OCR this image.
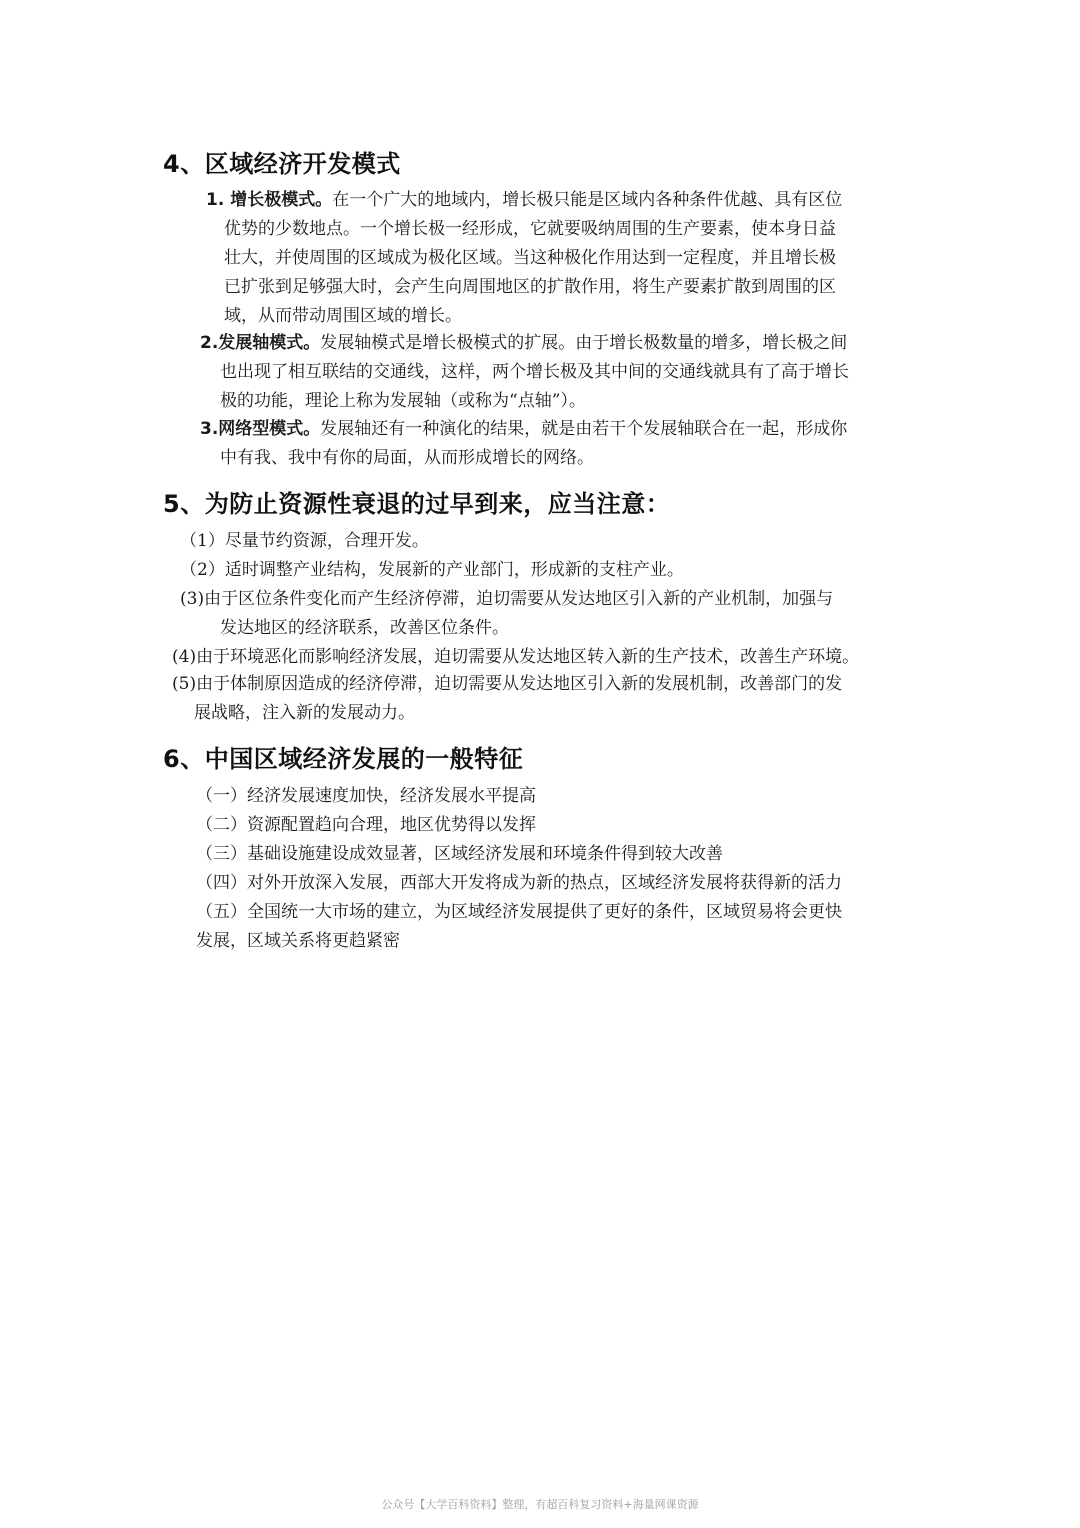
4、区域经济开发模式
1. 增长极模式。在一个广大的地域内，增长极只能是区域内各种条件优越、具有区位
优势的少数地点。一个增长极一经形成，它就要吸纳周围的生产要素，使本身日益
壮大，并使周围的区域成为极化区域。当这种极化作用达到一定程度，并且增长极
已扩张到足够强大时，会产生向周围地区的扩散作用，将生产要素扩散到周围的区
域，从而带动周围区域的增长。
2.发展轴模式。发展轴模式是增长极模式的扩展。由于增长极数量的增多，增长极之间
也出现了相互联结的交通线，这样，两个增长极及其中间的交通线就具有了高于增长
极的功能，理论上称为发展轴（或称为“点轴”）。
3.网络型模式。发展轴还有一种演化的结果，就是由若干个发展轴联合在一起，形成你
中有我、我中有你的局面，从而形成增长的网络。
5、为防止资源性衰退的过早到来，应当注意：
（1）尽量节约资源，合理开发。
（2）适时调整产业结构，发展新的产业部门，形成新的支柱产业。
(3)由于区位条件变化而产生经济停滞，迫切需要从发达地区引入新的产业机制，加强与
发达地区的经济联系，改善区位条件。
(4)由于环境恶化而影响经济发展，迫切需要从发达地区转入新的生产技术，改善生产环境。
(5)由于体制原因造成的经济停滞，迫切需要从发达地区引入新的发展机制，改善部门的发
展战略，注入新的发展动力。
6、中国区域经济发展的一般特征
（一）经济发展速度加快，经济发展水平提高
（二）资源配置趋向合理，地区优势得以发挥
（三）基础设施建设成效显著，区域经济发展和环境条件得到较大改善
（四）对外开放深入发展，西部大开发将成为新的热点，区域经济发展将获得新的活力
（五）全国统一大市场的建立，为区域经济发展提供了更好的条件，区域贸易将会更快
发展，区域关系将更趋紧密
公众号【大学百科资料】整理，有超百科复习资料+海量网课资源
